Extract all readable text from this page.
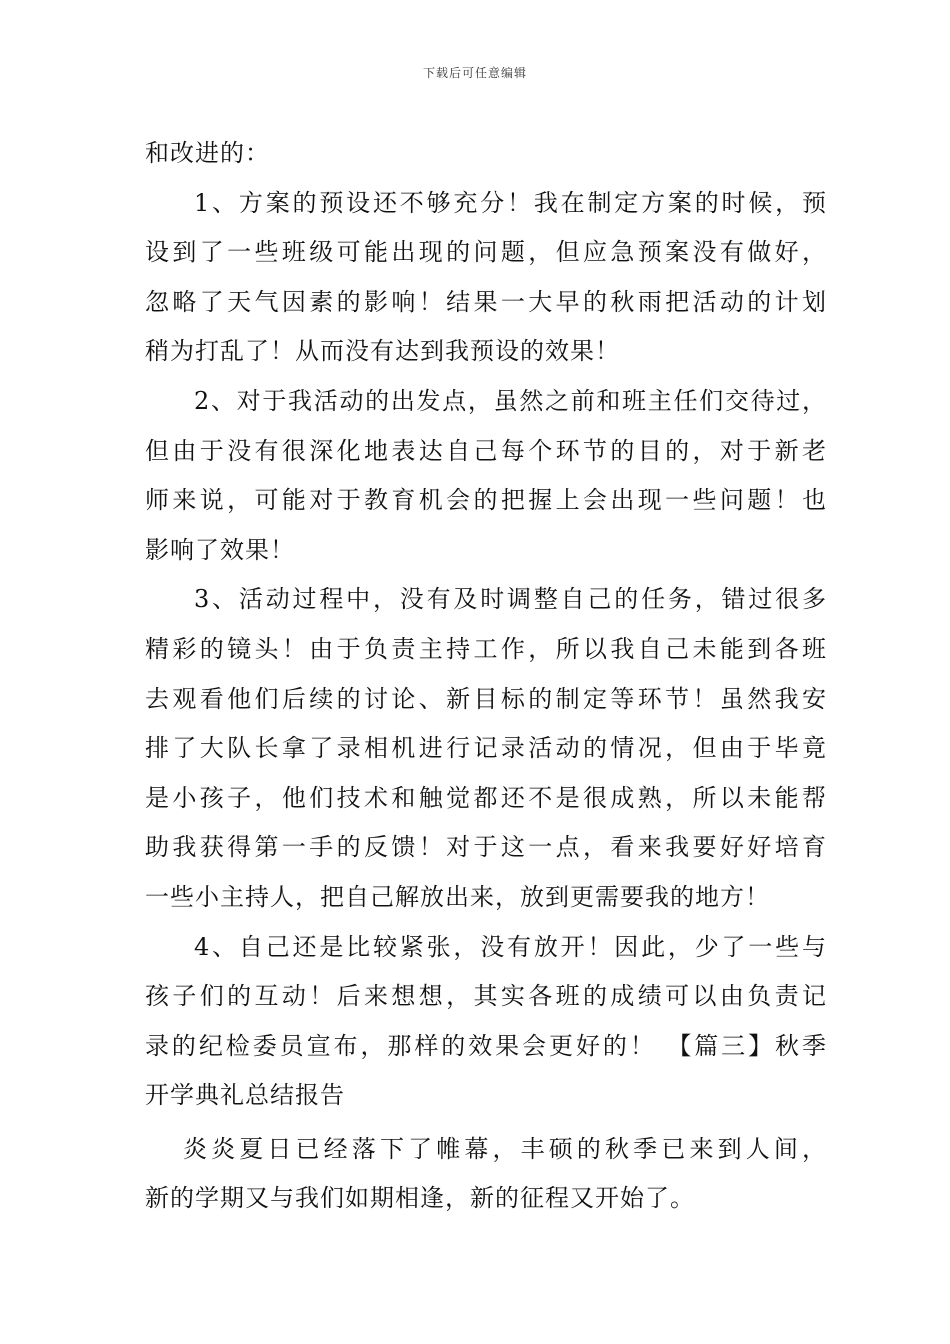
下载后可任意编辑
和改进的：
1、方案的预设还不够充分！我在制定方案的时候，预
设到了一些班级可能出现的问题，但应急预案没有做好，
忽略了天气因素的影响！结果一大早的秋雨把活动的计划
稍为打乱了！从而没有达到我预设的效果！
2、对于我活动的出发点，虽然之前和班主任们交待过，
但由于没有很深化地表达自己每个环节的目的，对于新老
师来说，可能对于教育机会的把握上会出现一些问题！也
影响了效果！
3、活动过程中，没有及时调整自己的任务，错过很多
精彩的镜头！由于负责主持工作，所以我自己未能到各班
去观看他们后续的讨论、新目标的制定等环节！虽然我安
排了大队长拿了录相机进行记录活动的情况，但由于毕竟
是小孩子，他们技术和触觉都还不是很成熟，所以未能帮
助我获得第一手的反馈！对于这一点，看来我要好好培育
一些小主持人，把自己解放出来，放到更需要我的地方！
4、自己还是比较紧张，没有放开！因此，少了一些与
孩子们的互动！后来想想，其实各班的成绩可以由负责记
录的纪检委员宣布，那样的效果会更好的！ 【篇三】秋季
开学典礼总结报告
炎炎夏日已经落下了帷幕，丰硕的秋季已来到人间，
新的学期又与我们如期相逢，新的征程又开始了。
